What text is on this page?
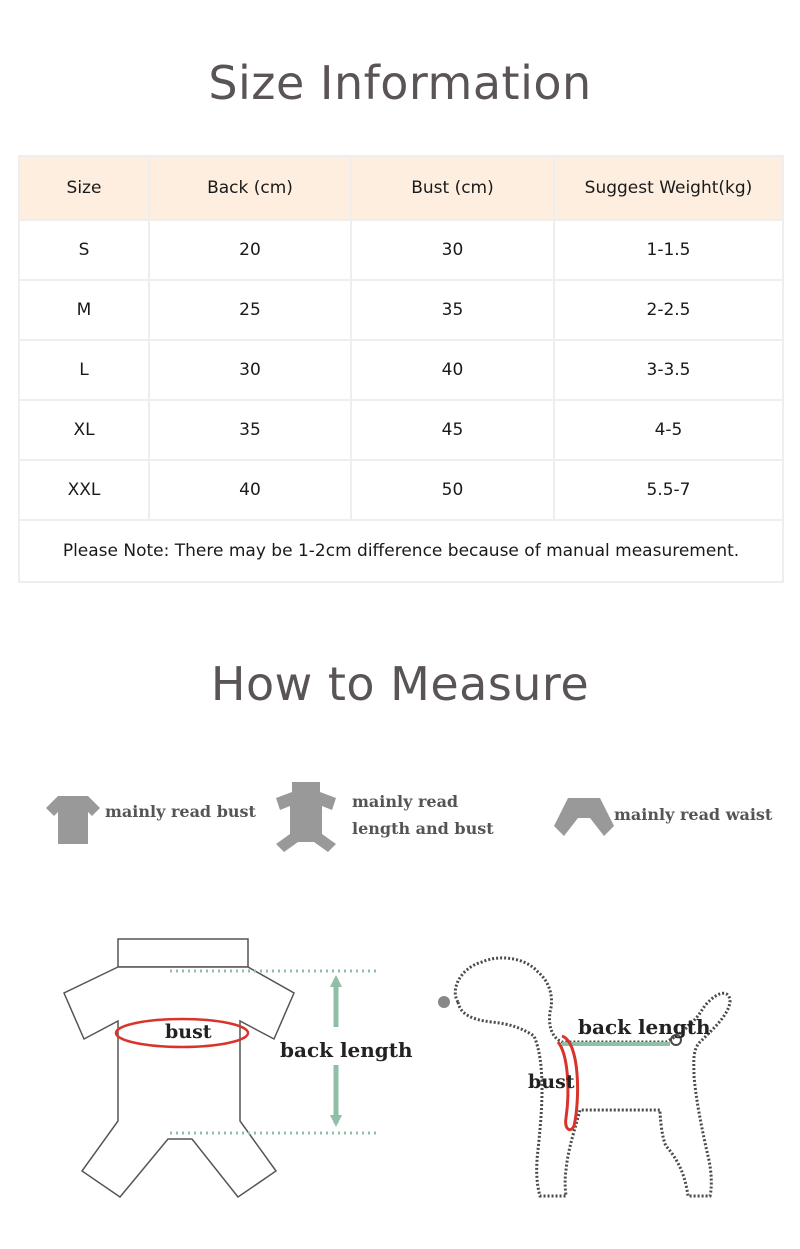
Size Information
Size	Back (cm)	Bust (cm)	Suggest Weight(kg)
S	20	30	1-1.5
M	25	35	2-2.5
L	30	40	3-3.5
XL	35	45	4-5
XXL	40	50	5.5-7
Please Note: There may be 1-2cm difference because of manual measurement.			
How to Measure
mainly read bust
mainly read
length and bust
mainly read waist
bust
back length
back length
bust
